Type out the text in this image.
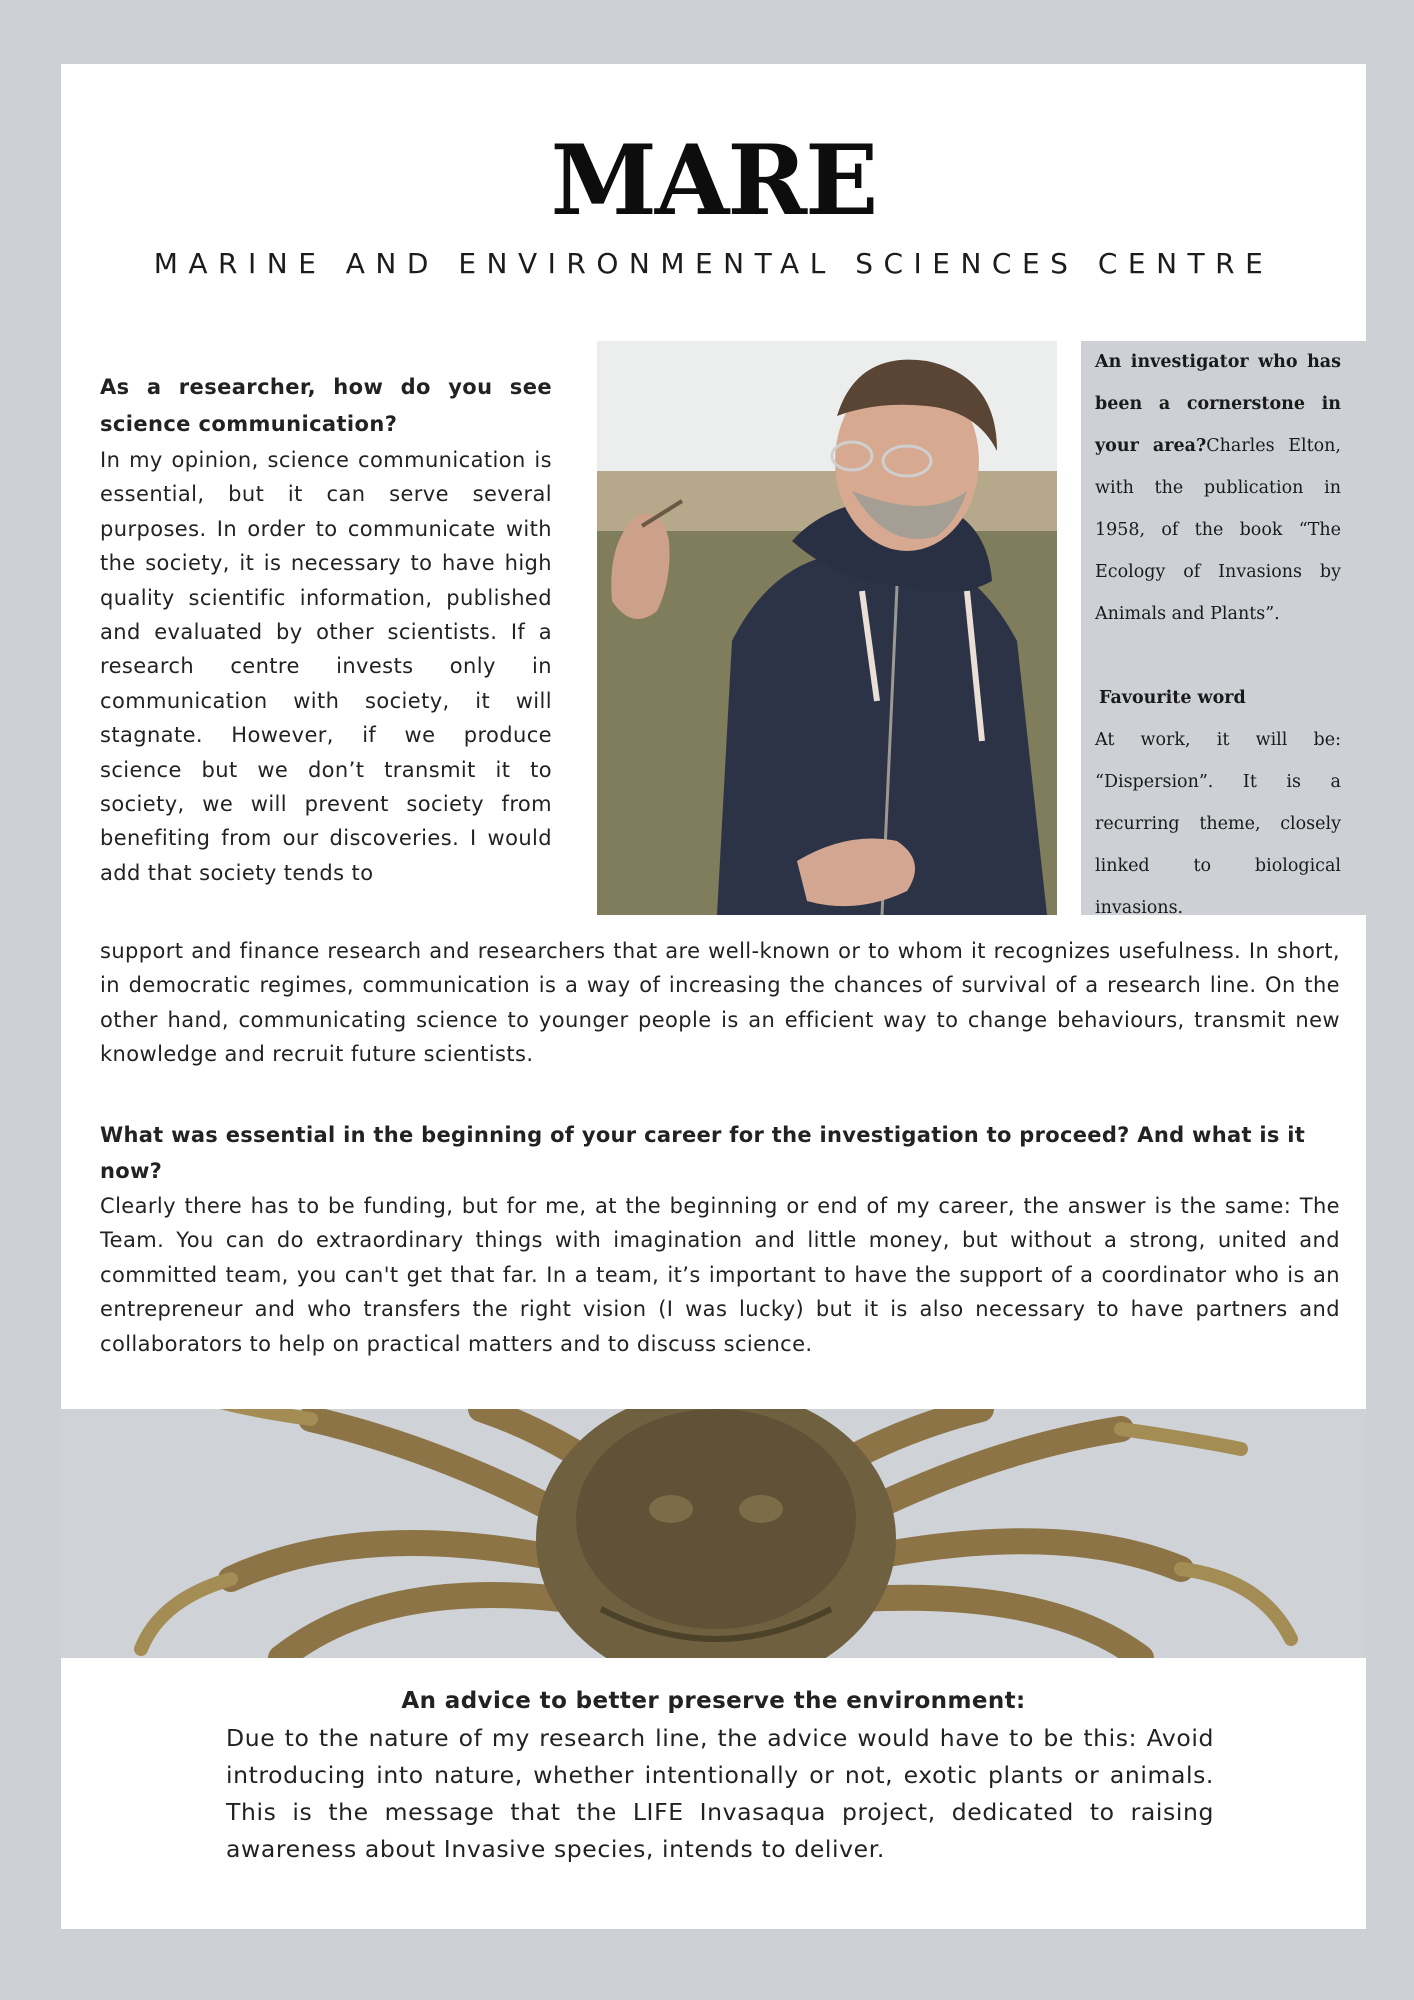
MARE
MARINE AND ENVIRONMENTAL SCIENCES CENTRE
As a researcher, how do you see science communication?
In my opinion, science communication is essential, but it can serve several purposes. In order to communicate with the society, it is necessary to have high quality scientific information, published and evaluated by other scientists. If a research centre invests only in communication with society, it will stagnate. However, if we produce science but we don’t transmit it to society, we will prevent society from benefiting from our discoveries. I would add that society tends to
An investigator who has been a cornerstone in your area?Charles Elton, with the publication in 1958, of the book “The Ecology of Invasions by Animals and Plants”.
Favourite word
At work, it will be: “Dispersion”. It is a recurring theme, closely linked to biological invasions.
support and finance research and researchers that are well-known or to whom it recognizes usefulness. In short, in democratic regimes, communication is a way of increasing the chances of survival of a research line. On the other hand, communicating science to younger people is an efficient way to change behaviours, transmit new knowledge and recruit future scientists.
What was essential in the beginning of your career for the investigation to proceed? And what is it now?
Clearly there has to be funding, but for me, at the beginning or end of my career, the answer is the same: The Team. You can do extraordinary things with imagination and little money, but without a strong, united and committed team, you can't get that far. In a team, it’s important to have the support of a coordinator who is an entrepreneur and who transfers the right vision (I was lucky) but it is also necessary to have partners and collaborators to help on practical matters and to discuss science.
An advice to better preserve the environment:
Due to the nature of my research line, the advice would have to be this: Avoid introducing into nature, whether intentionally or not, exotic plants or animals. This is the message that the LIFE Invasaqua project, dedicated to raising awareness about Invasive species, intends to deliver.
